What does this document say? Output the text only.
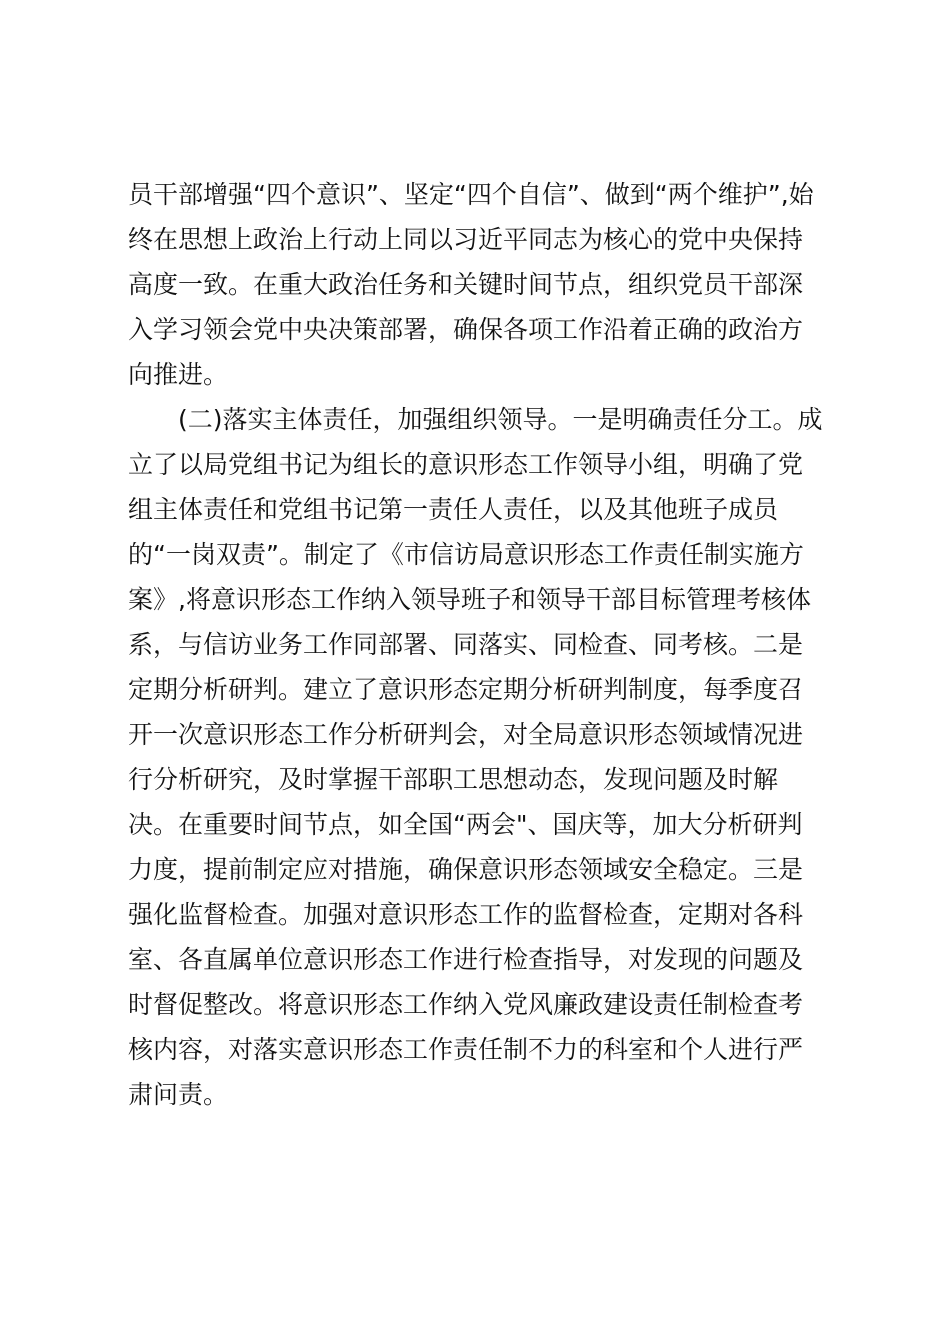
员干部增强“四个意识”、坚定“四个自信”、做到“两个维护”,始
终在思想上政治上行动上同以习近平同志为核心的党中央保持
高度一致。在重大政治任务和关键时间节点，组织党员干部深
入学习领会党中央决策部署，确保各项工作沿着正确的政治方
向推进。
(二)落实主体责任，加强组织领导。一是明确责任分工。成
立了以局党组书记为组长的意识形态工作领导小组，明确了党
组主体责任和党组书记第一责任人责任，以及其他班子成员
的“一岗双责”。制定了《市信访局意识形态工作责任制实施方
案》,将意识形态工作纳入领导班子和领导干部目标管理考核体
系，与信访业务工作同部署、同落实、同检查、同考核。二是
定期分析研判。建立了意识形态定期分析研判制度，每季度召
开一次意识形态工作分析研判会，对全局意识形态领域情况进
行分析研究，及时掌握干部职工思想动态，发现问题及时解
决。在重要时间节点，如全国“两会"、国庆等，加大分析研判
力度，提前制定应对措施，确保意识形态领域安全稳定。三是
强化监督检查。加强对意识形态工作的监督检查，定期对各科
室、各直属单位意识形态工作进行检查指导，对发现的问题及
时督促整改。将意识形态工作纳入党风廉政建设责任制检查考
核内容，对落实意识形态工作责任制不力的科室和个人进行严
肃问责。
